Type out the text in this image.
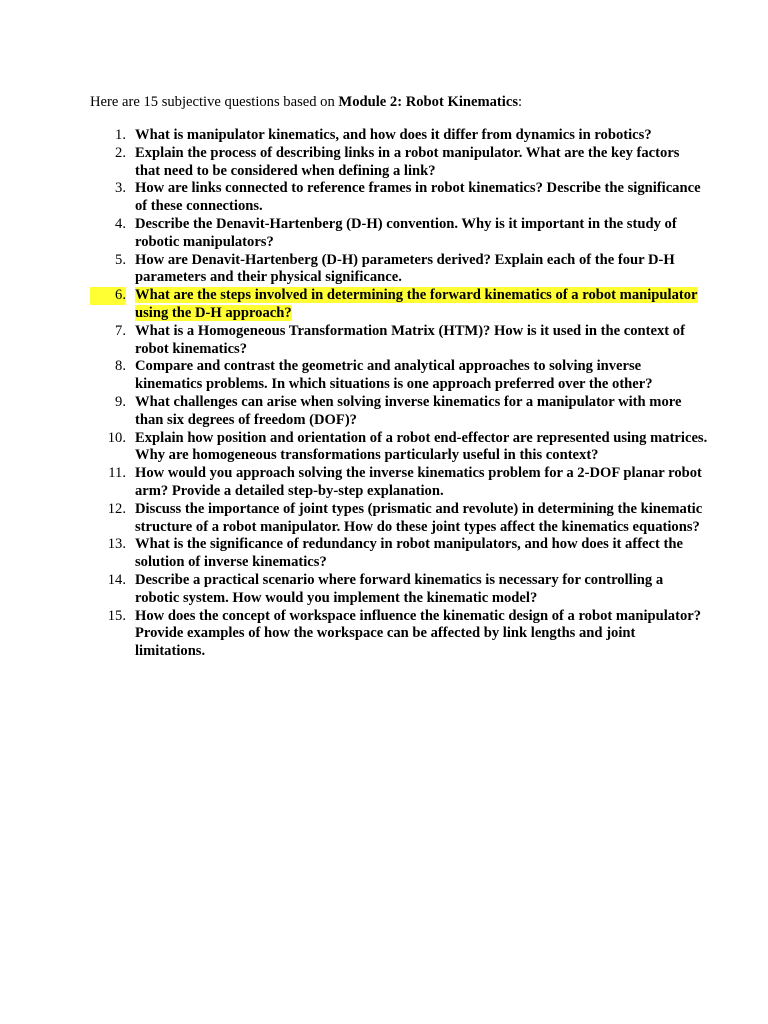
Here are 15 subjective questions based on Module 2: Robot Kinematics:

1. What is manipulator kinematics, and how does it differ from dynamics in robotics?
2. Explain the process of describing links in a robot manipulator. What are the key factors that need to be considered when defining a link?
3. How are links connected to reference frames in robot kinematics? Describe the significance of these connections.
4. Describe the Denavit-Hartenberg (D-H) convention. Why is it important in the study of robotic manipulators?
5. How are Denavit-Hartenberg (D-H) parameters derived? Explain each of the four D-H parameters and their physical significance.
6. What are the steps involved in determining the forward kinematics of a robot manipulator using the D-H approach?
7. What is a Homogeneous Transformation Matrix (HTM)? How is it used in the context of robot kinematics?
8. Compare and contrast the geometric and analytical approaches to solving inverse kinematics problems. In which situations is one approach preferred over the other?
9. What challenges can arise when solving inverse kinematics for a manipulator with more than six degrees of freedom (DOF)?
10. Explain how position and orientation of a robot end-effector are represented using matrices. Why are homogeneous transformations particularly useful in this context?
11. How would you approach solving the inverse kinematics problem for a 2-DOF planar robot arm? Provide a detailed step-by-step explanation.
12. Discuss the importance of joint types (prismatic and revolute) in determining the kinematic structure of a robot manipulator. How do these joint types affect the kinematics equations?
13. What is the significance of redundancy in robot manipulators, and how does it affect the solution of inverse kinematics?
14. Describe a practical scenario where forward kinematics is necessary for controlling a robotic system. How would you implement the kinematic model?
15. How does the concept of workspace influence the kinematic design of a robot manipulator? Provide examples of how the workspace can be affected by link lengths and joint limitations.
